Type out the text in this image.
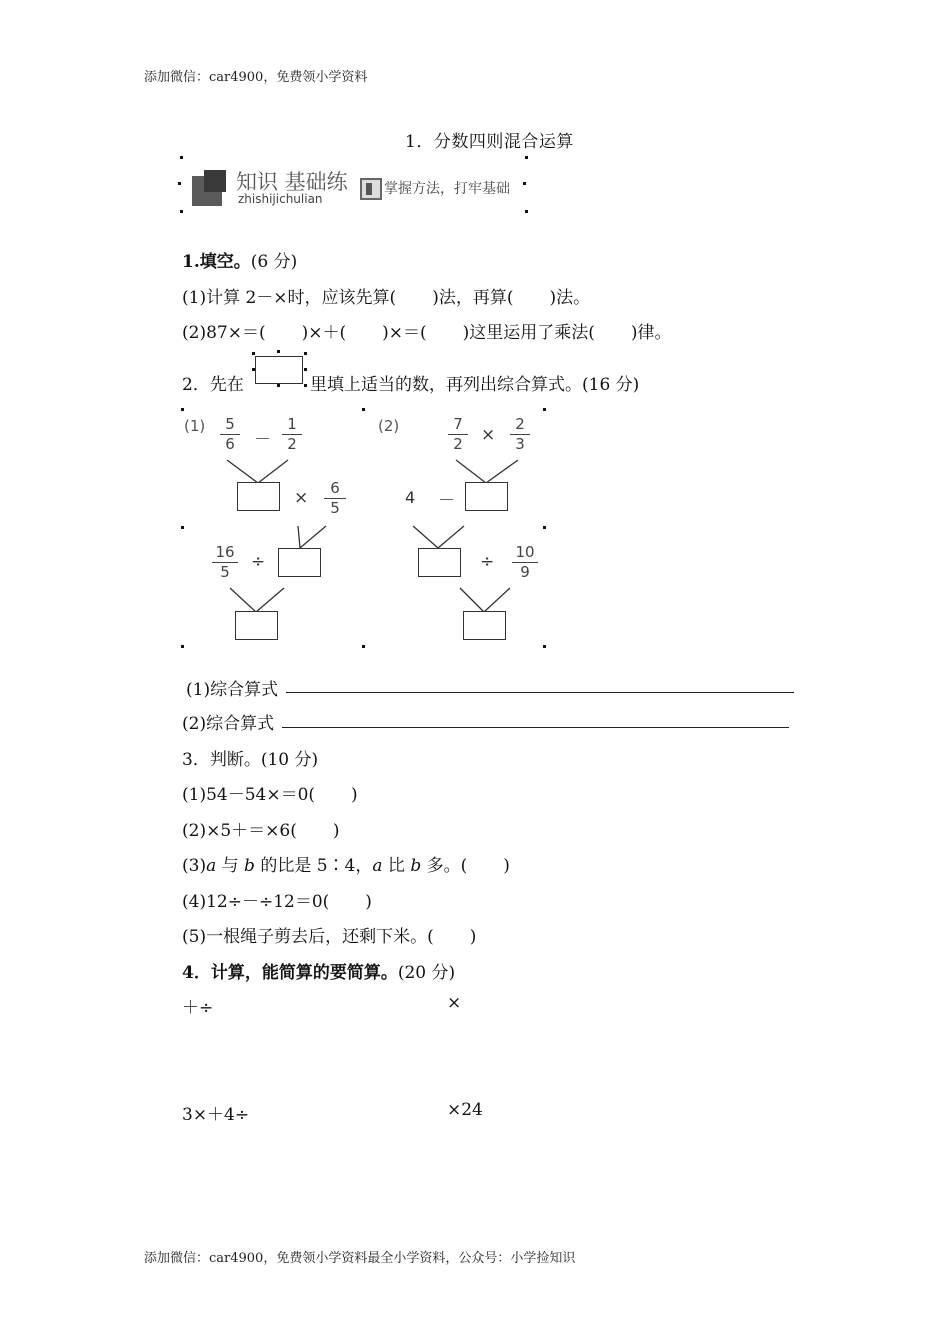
添加微信：car4900，免费领小学资料
1．分数四则混合运算
知识 基础练
zhishijichulian
掌握方法，打牢基础
1.填空。(6 分)
(1)计算 2－×时，应该先算( )法，再算( )法。
(2)87×＝( )×＋( )×＝( )这里运用了乘法( )律。
2．先在	里填上适当的数，再列出综合算式。(16 分)
(1)	5
6	－
1
2
×	6
5
16
5	÷
(2)	7
2	×
2
3
4 －
÷ 10
9
(1)综合算式
(2)综合算式
3．判断。(10 分)
(1)54－54×＝0( )
(2)×5＋＝×6( )
(3)a 与 b 的比是 5∶4，a 比 b 多。( )
(4)12÷－÷12＝0( )
(5)一根绳子剪去后，还剩下米。( )
4．计算，能简算的要简算。(20 分)
＋÷	×
3×＋4÷	×24
添加微信：car4900，免费领小学资料最全小学资料，公众号：小学捡知识
